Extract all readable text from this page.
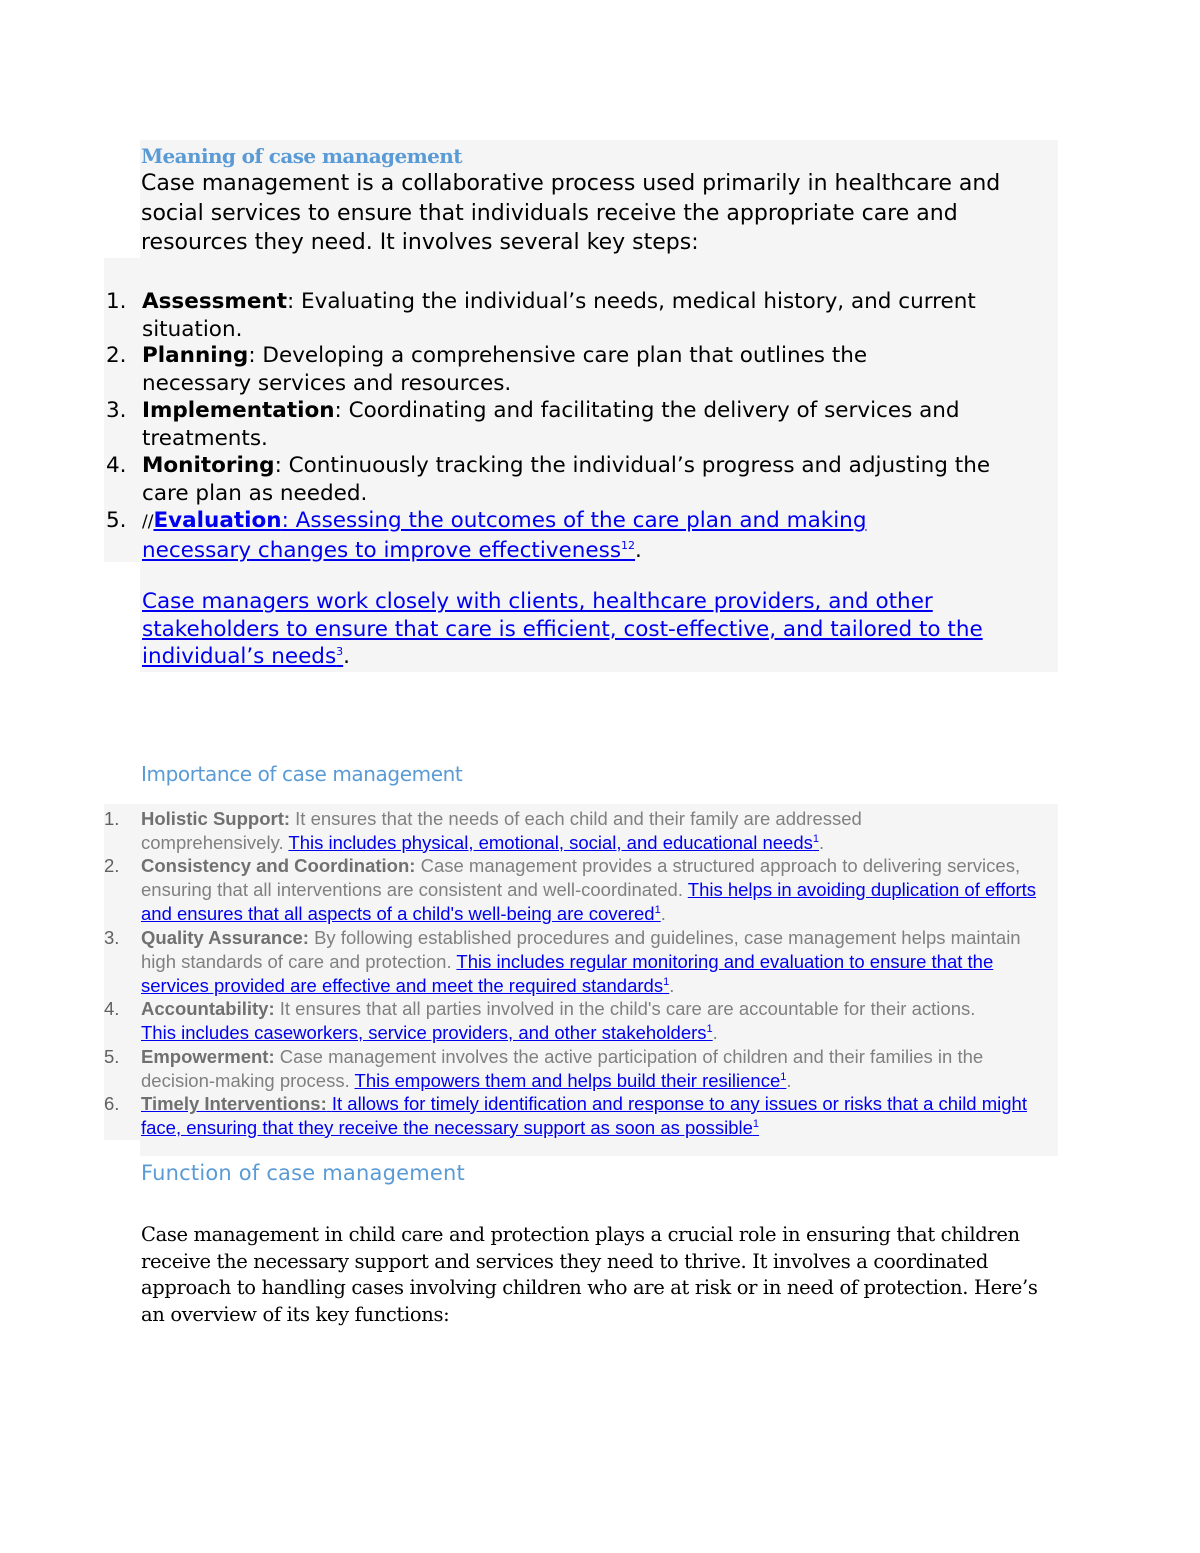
Meaning of case management
Case management is a collaborative process used primarily in healthcare and social services to ensure that individuals receive the appropriate care and resources they need. It involves several key steps:
1. Assessment: Evaluating the individual’s needs, medical history, and current situation.
2. Planning: Developing a comprehensive care plan that outlines the necessary services and resources.
3. Implementation: Coordinating and facilitating the delivery of services and treatments.
4. Monitoring: Continuously tracking the individual’s progress and adjusting the care plan as needed.
5. //Evaluation: Assessing the outcomes of the care plan and making necessary changes to improve effectiveness$^{12}$.
Case managers work closely with clients, healthcare providers, and other stakeholders to ensure that care is efficient, cost-effective, and tailored to the individual’s needs$^3$.
Importance of case management
1. Holistic Support: It ensures that the needs of each child and their family are addressed comprehensively. This includes physical, emotional, social, and educational needs$^1$.
2. Consistency and Coordination: Case management provides a structured approach to delivering services, ensuring that all interventions are consistent and well-coordinated. This helps in avoiding duplication of efforts and ensures that all aspects of a child's well-being are covered$^1$.
3. Quality Assurance: By following established procedures and guidelines, case management helps maintain high standards of care and protection. This includes regular monitoring and evaluation to ensure that the services provided are effective and meet the required standards$^1$.
4. Accountability: It ensures that all parties involved in the child's care are accountable for their actions. This includes caseworkers, service providers, and other stakeholders$^1$.
5. Empowerment: Case management involves the active participation of children and their families in the decision-making process. This empowers them and helps build their resilience$^1$.
6. Timely Interventions: It allows for timely identification and response to any issues or risks that a child might face, ensuring that they receive the necessary support as soon as possible$^1$
Function of case management
Case management in child care and protection plays a crucial role in ensuring that children receive the necessary support and services they need to thrive. It involves a coordinated approach to handling cases involving children who are at risk or in need of protection. Here’s an overview of its key functions:
